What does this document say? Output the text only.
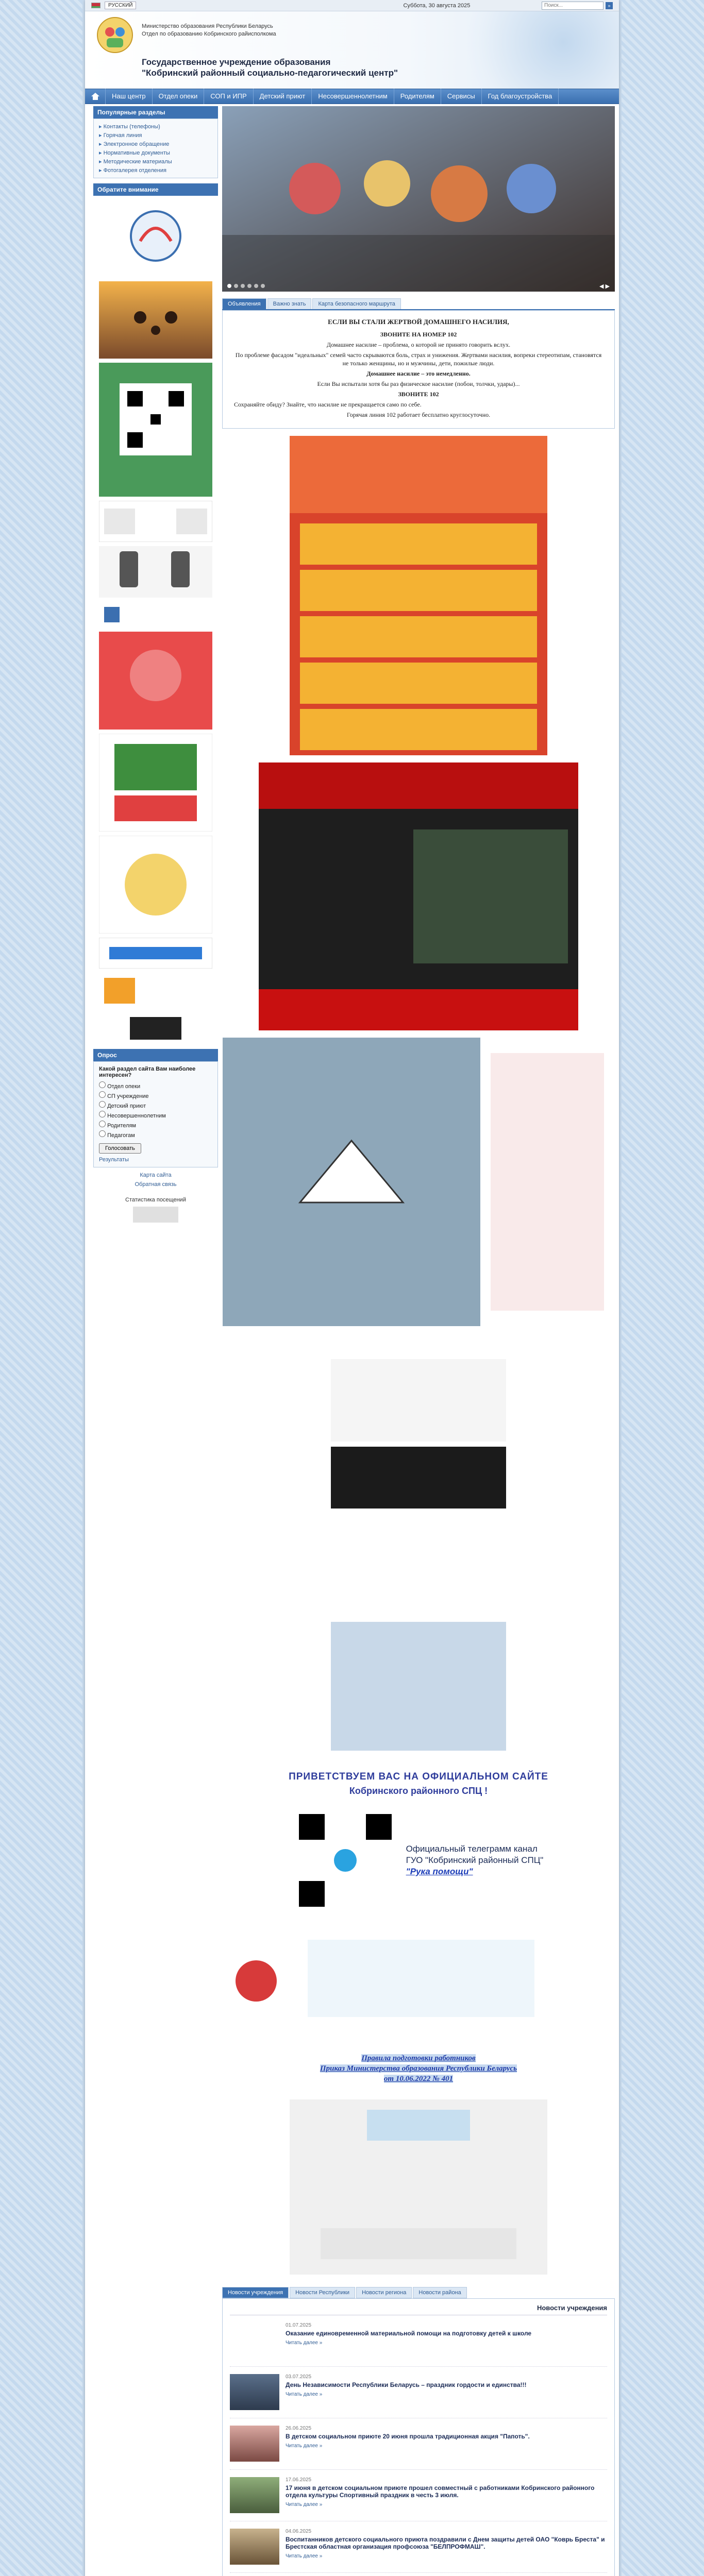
РУССКИЙ	Суббота, 30 августа 2025
Поиск...	»
Министерство образования Республики Беларусь
Отдел по образованию Кобринского райисполкома
Государственное учреждение образования
"Кобринский районный социально-педагогический центр"
Наш центр	Отдел опеки	СОП и ИПР	Детский приют	Несовершеннолетним	Родителям	Сервисы	Год благоустройства
Популярные разделы
▸ Контакты (телефоны)
▸ Горячая линия
▸ Электронное обращение
▸ Нормативные документы
▸ Методические материалы
▸ Фотогалерея отделения
Обратите внимание
Опрос

Какой раздел сайта Вам наиболее интересен?

Отдел опеки
СП учреждение
Детский приют
Несовершеннолетним
Родителям
Педагогам
Голосовать
Результаты
Карта сайта
Обратная связь
Статистика посещений
◀ ▶
Объявления	Важно знать	Карта безопасного маршрута
ЕСЛИ ВЫ СТАЛИ ЖЕРТВОЙ ДОМАШНЕГО НАСИЛИЯ,

ЗВОНИТЕ НА НОМЕР 102

Домашнее насилие – проблема, о которой не принято говорить вслух.

По проблеме фасадом "идеальных" семей часто скрываются боль, страх и унижения. Жертвами насилия, вопреки стереотипам, становятся не только женщины, но и мужчины, дети, пожилые люди.

Домашнее насилие – это немедленно.

Если Вы испытали хотя бы раз физическое насилие (побои, толчки, удары)...

ЗВОНИТЕ 102

Сохраняйте обиду? Знайте, что насилие не прекращается само по себе.

Горячая линия 102 работает бесплатно круглосуточно.

ПРИВЕТСТВУЕМ ВАС НА ОФИЦИАЛЬНОМ САЙТЕ
Кобринского районного СПЦ !
Официальный телеграмм канал
ГУО "Кобринский районный СПЦ"
"Рука помощи"
Правила подготовки работников
Приказ Министерства образования Республики Беларусь
от 10.06.2022 № 401
Новости учреждения	Новости Республики	Новости региона	Новости района
Новости учреждения
01.07.2025
Оказание единовременной материальной помощи на подготовку детей к школе
Читать далее »
03.07.2025
День Независимости Республики Беларусь – праздник гордости и единства!!!
Читать далее »
26.06.2025
В детском социальном приюте 20 июня прошла традиционная акция "Папоть".
Читать далее »
17.06.2025
17 июня в детском социальном приюте прошел совместный с работниками Кобринского районного отдела культуры Спортивный праздник в честь 3 июля.
Читать далее »
04.06.2025
Воспитанников детского социального приюта поздравили с Днем защиты детей ОАО "Коврь Бреста" и Брестская областная организация профсоюза "БЕЛПРОФМАШ".
Читать далее »
